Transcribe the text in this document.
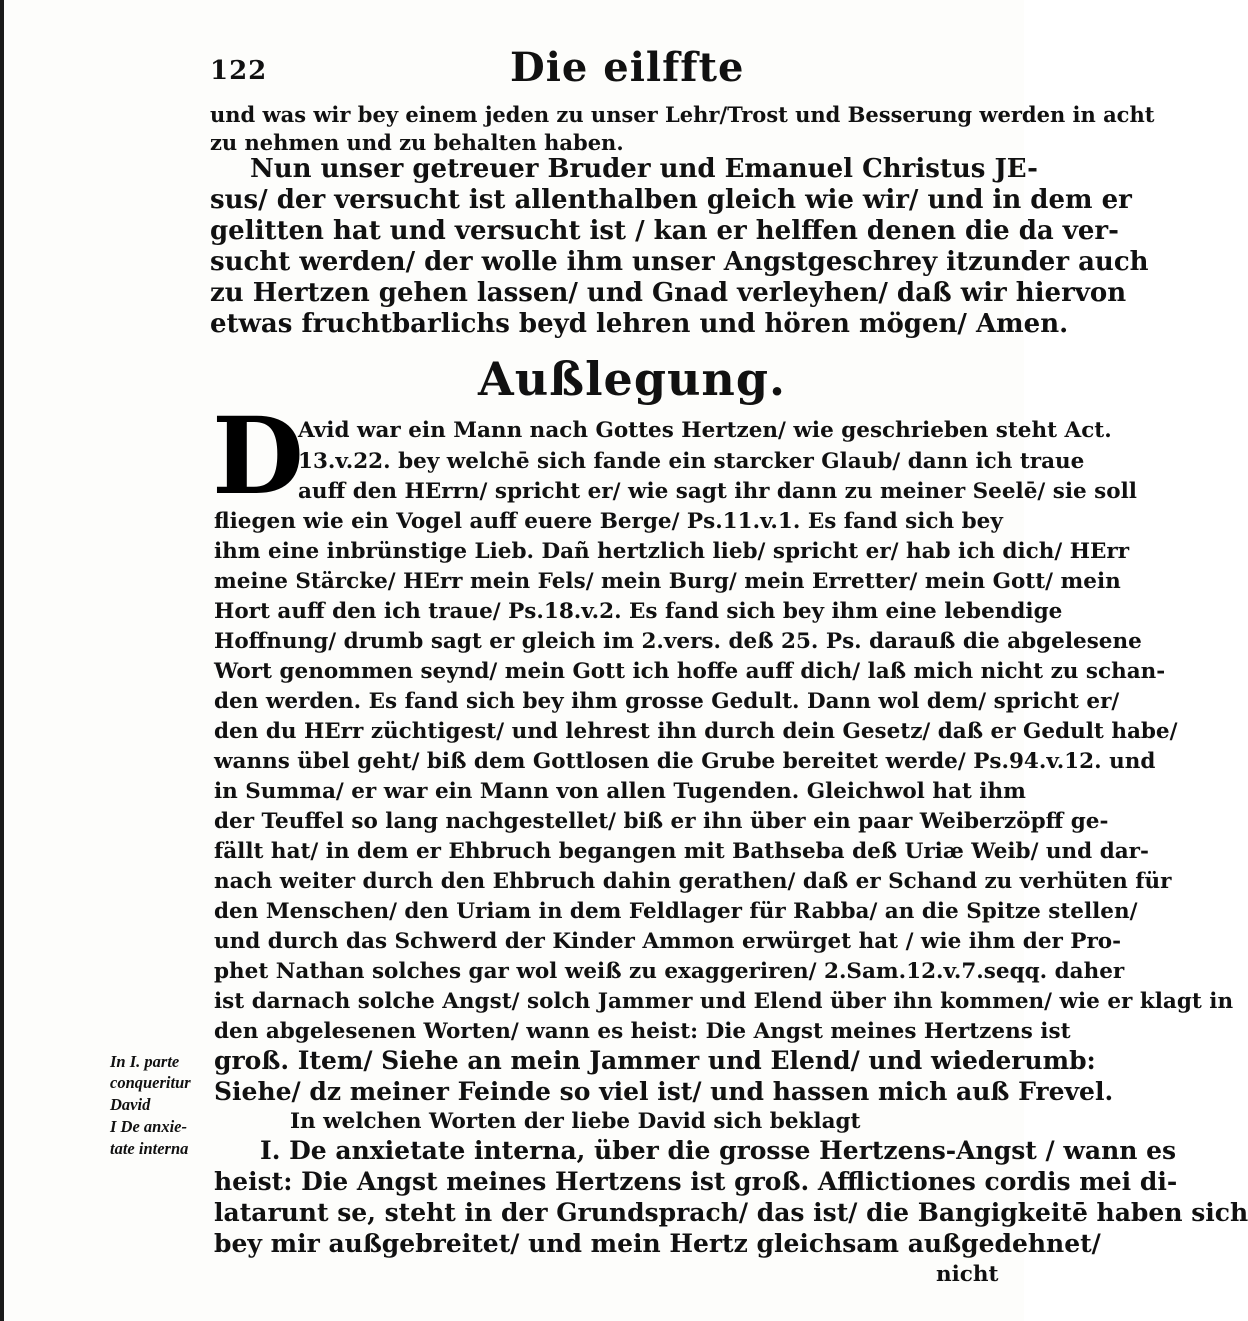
122	Die eilffte
und was wir bey einem jeden zu unser Lehr/Trost und Besserung werden in acht
zu nehmen und zu behalten haben.
Nun unser getreuer Bruder und Emanuel Christus JE-
sus/ der versucht ist allenthalben gleich wie wir/ und in dem er
gelitten hat und versucht ist / kan er helffen denen die da ver-
sucht werden/ der wolle ihm unser Angstgeschrey itzunder auch
zu Hertzen gehen lassen/ und Gnad verleyhen/ daß wir hiervon
etwas fruchtbarlichs beyd lehren und hören mögen/ Amen.
Außlegung.
D
Avid war ein Mann nach Gottes Hertzen/ wie geschrieben steht Act.
13.v.22. bey welchē sich fande ein starcker Glaub/ dann ich traue
auff den HErrn/ spricht er/ wie sagt ihr dann zu meiner Seelē/ sie soll
fliegen wie ein Vogel auff euere Berge/ Ps.11.v.1. Es fand sich bey
ihm eine inbrünstige Lieb. Dañ hertzlich lieb/ spricht er/ hab ich dich/ HErr
meine Stärcke/ HErr mein Fels/ mein Burg/ mein Erretter/ mein Gott/ mein
Hort auff den ich traue/ Ps.18.v.2. Es fand sich bey ihm eine lebendige
Hoffnung/ drumb sagt er gleich im 2.vers. deß 25. Ps. darauß die abgelesene
Wort genommen seynd/ mein Gott ich hoffe auff dich/ laß mich nicht zu schan-
den werden. Es fand sich bey ihm grosse Gedult. Dann wol dem/ spricht er/
den du HErr züchtigest/ und lehrest ihn durch dein Gesetz/ daß er Gedult habe/
wanns übel geht/ biß dem Gottlosen die Grube bereitet werde/ Ps.94.v.12. und
in Summa/ er war ein Mann von allen Tugenden. Gleichwol hat ihm
der Teuffel so lang nachgestellet/ biß er ihn über ein paar Weiberzöpff ge-
fällt hat/ in dem er Ehbruch begangen mit Bathseba deß Uriæ Weib/ und dar-
nach weiter durch den Ehbruch dahin gerathen/ daß er Schand zu verhüten für
den Menschen/ den Uriam in dem Feldlager für Rabba/ an die Spitze stellen/
und durch das Schwerd der Kinder Ammon erwürget hat / wie ihm der Pro-
phet Nathan solches gar wol weiß zu exaggeriren/ 2.Sam.12.v.7.seqq. daher
ist darnach solche Angst/ solch Jammer und Elend über ihn kommen/ wie er klagt in
den abgelesenen Worten/ wann es heist: Die Angst meines Hertzens ist
groß. Item/ Siehe an mein Jammer und Elend/ und wiederumb:
Siehe/ dz meiner Feinde so viel ist/ und hassen mich auß Frevel.
In welchen Worten der liebe David sich beklagt
I. De anxietate interna, über die grosse Hertzens-Angst / wann es
heist: Die Angst meines Hertzens ist groß. Afflictiones cordis mei di-
latarunt se, steht in der Grundsprach/ das ist/ die Bangigkeitē haben sich
bey mir außgebreitet/ und mein Hertz gleichsam außgedehnet/
nicht
In I. parte
conqueritur
David
I De anxie-
tate interna
